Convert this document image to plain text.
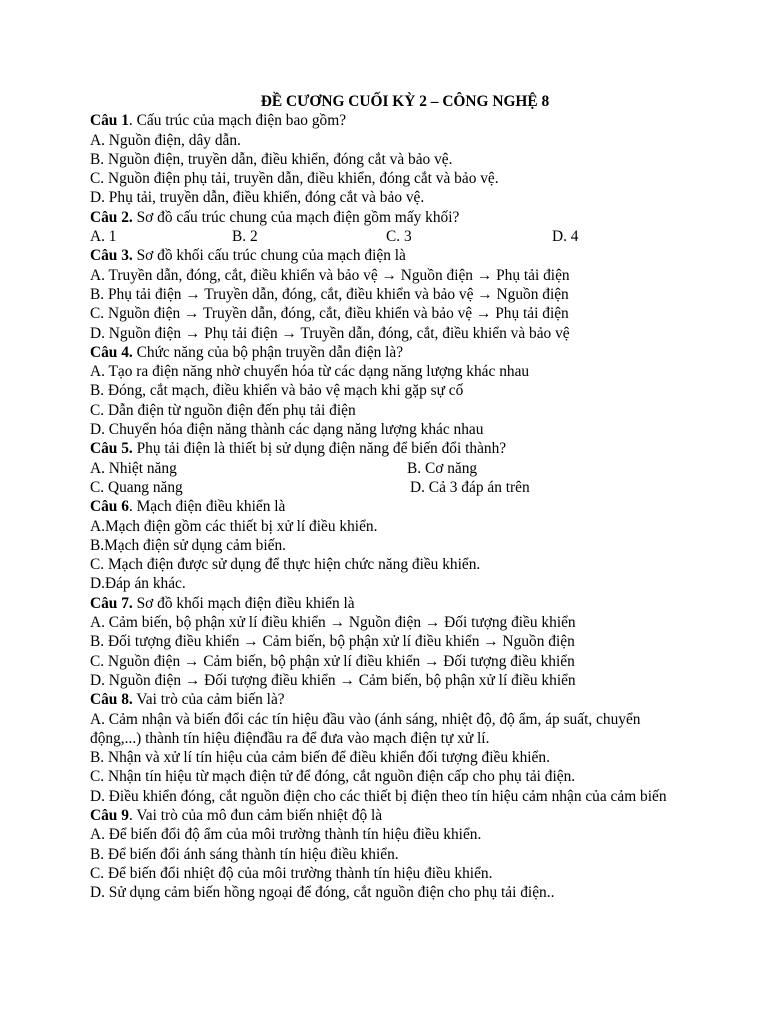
ĐỀ CƯƠNG CUỐI KỲ 2 – CÔNG NGHỆ 8
Câu 1. Cấu trúc của mạch điện bao gồm?
A. Nguồn điện, dây dẫn.
B. Nguồn điện, truyền dẫn, điều khiển, đóng cắt và bảo vệ.
C. Nguồn điện phụ tải, truyền dẫn, điều khiển, đóng cắt và bảo vệ.
D. Phụ tải, truyền dẫn, điều khiển, đóng cắt và bảo vệ.
Câu 2. Sơ đồ cấu trúc chung của mạch điện gồm mấy khối?
A. 1	B. 2	C. 3	D. 4
Câu 3. Sơ đồ khối cấu trúc chung của mạch điện là
A. Truyền dẫn, đóng, cắt, điều khiển và bảo vệ → Nguồn điện → Phụ tải điện
B. Phụ tải điện → Truyền dẫn, đóng, cắt, điều khiển và bảo vệ → Nguồn điện
C. Nguồn điện → Truyền dẫn, đóng, cắt, điều khiển và bảo vệ → Phụ tải điện
D. Nguồn điện → Phụ tải điện → Truyền dẫn, đóng, cắt, điều khiển và bảo vệ
Câu 4. Chức năng của bộ phận truyền dẫn điện là?
A. Tạo ra điện năng nhờ chuyển hóa từ các dạng năng lượng khác nhau
B. Đóng, cắt mạch, điều khiển và bảo vệ mạch khi gặp sự cố
C. Dẫn điện từ nguồn điện đến phụ tải điện
D. Chuyển hóa điện năng thành các dạng năng lượng khác nhau
Câu 5. Phụ tải điện là thiết bị sử dụng điện năng để biến đổi thành?
A. Nhiệt năng	B. Cơ năng
C. Quang năng	D. Cả 3 đáp án trên
Câu 6. Mạch điện điều khiển là
A.Mạch điện gồm các thiết bị xử lí điều khiển.
B.Mạch điện sử dụng cảm biến.
C. Mạch điện được sử dụng để thực hiện chức năng điều khiển.
D.Đáp án khác.
Câu 7. Sơ đồ khối mạch điện điều khiển là
A. Cảm biến, bộ phận xử lí điều khiển → Nguồn điện → Đối tượng điều khiển
B. Đối tượng điều khiển → Cảm biến, bộ phận xử lí điều khiển → Nguồn điện
C. Nguồn điện → Cảm biến, bộ phận xử lí điều khiển → Đối tượng điều khiển
D. Nguồn điện → Đối tượng điều khiển → Cảm biến, bộ phận xử lí điều khiển
Câu 8. Vai trò của cảm biến là?
A. Cảm nhận và biến đổi các tín hiệu đầu vào (ánh sáng, nhiệt độ, độ ẩm, áp suất, chuyển động,...) thành tín hiệu điệnđầu ra để đưa vào mạch điện tự xử lí.
B. Nhận và xử lí tín hiệu của cảm biến để điều khiển đối tượng điều khiển.
C. Nhận tín hiệu từ mạch điện tử để đóng, cắt nguồn điện cấp cho phụ tải điện.
D. Điều khiển đóng, cắt nguồn điện cho các thiết bị điện theo tín hiệu cảm nhận của cảm biến
Câu 9. Vai trò của mô đun cảm biến nhiệt độ là
A. Để biến đổi độ ẩm của môi trường thành tín hiệu điều khiển.
B. Để biến đổi ánh sáng thành tín hiệu điều khiển.
C. Để biến đổi nhiệt độ của môi trường thành tín hiệu điều khiển.
D. Sử dụng cảm biến hồng ngoại để đóng, cắt nguồn điện cho phụ tải điện..
